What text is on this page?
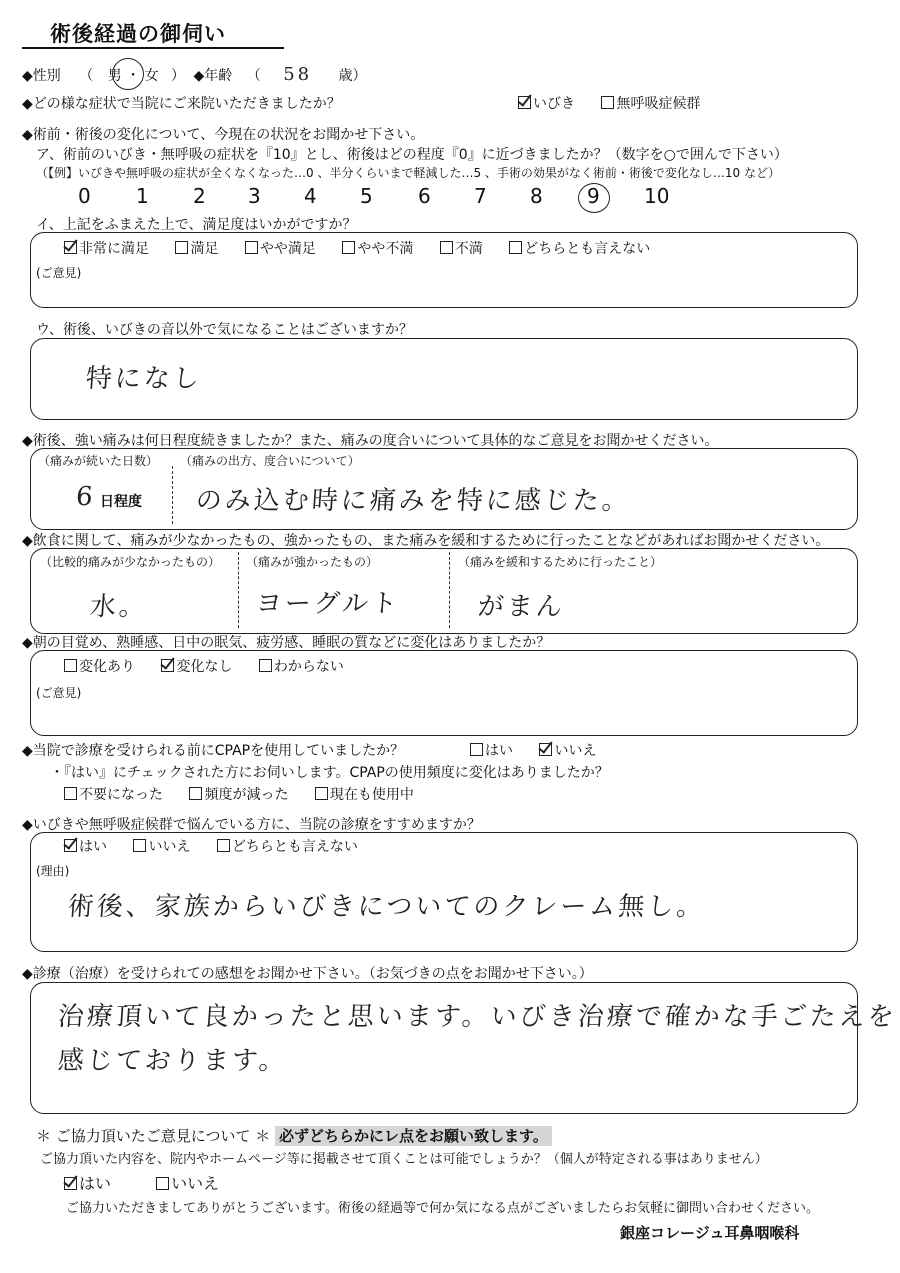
術後経過の御伺い
◆性別 （ 男 ・ 女 ） ◆年齢 （ 58 歳）
◆どの様な症状で当院にご来院いただきましたか？	いびき	無呼吸症候群
◆術前・術後の変化について、今現在の状況をお聞かせ下さい。
ア、術前のいびき・無呼吸の症状を『10』とし、術後はどの程度『0』に近づきましたか？（数字を○で囲んで下さい）
（【例】いびきや無呼吸の症状が全くなくなった…0 、半分くらいまで軽減した…5 、手術の効果がなく術前・術後で変化なし…10 など）
0 1 2 3 4 5 6 7 8 9 10
イ、上記をふまえた上で、満足度はいかがですか？
非常に満足	満足	やや満足	やや不満	不満	どちらとも言えない
(ご意見)
ウ、術後、いびきの音以外で気になることはございますか？
特になし
◆術後、強い痛みは何日程度続きましたか？また、痛みの度合いについて具体的なご意見をお聞かせください。
（痛みが続いた日数） （痛みの出方、度合いについて）
6 日程度 のみ込む時に痛みを特に感じた。
◆飲食に関して、痛みが少なかったもの、強かったもの、また痛みを緩和するために行ったことなどがあればお聞かせください。
（比較的痛みが少なかったもの） （痛みが強かったもの）	（痛みを緩和するために行ったこと）
水。	ヨーグルト	がまん
◆朝の目覚め、熟睡感、日中の眠気、疲労感、睡眠の質などに変化はありましたか？
変化あり	変化なし	わからない
(ご意見)
◆当院で診療を受けられる前にCPAPを使用していましたか？	はい	いいえ
・『はい』にチェックされた方にお伺いします。CPAPの使用頻度に変化はありましたか？
不要になった	頻度が減った	現在も使用中
◆いびきや無呼吸症候群で悩んでいる方に、当院の診療をすすめますか？
はい	いいえ	どちらとも言えない
(理由)
術後、家族からいびきについてのクレーム無し。
◆診療（治療）を受けられての感想をお聞かせ下さい。（お気づきの点をお聞かせ下さい。）
治療頂いて良かったと思います。いびき治療で確かな手ごたえを
感じております。
＊ ご協力頂いたご意見について ＊ 必ずどちらかにレ点をお願い致します。
ご協力頂いた内容を、院内やホームページ等に掲載させて頂くことは可能でしょうか？（個人が特定される事はありません）
はい	いいえ
ご協力いただきましてありがとうございます。術後の経過等で何か気になる点がございましたらお気軽に御問い合わせください。
銀座コレージュ耳鼻咽喉科
